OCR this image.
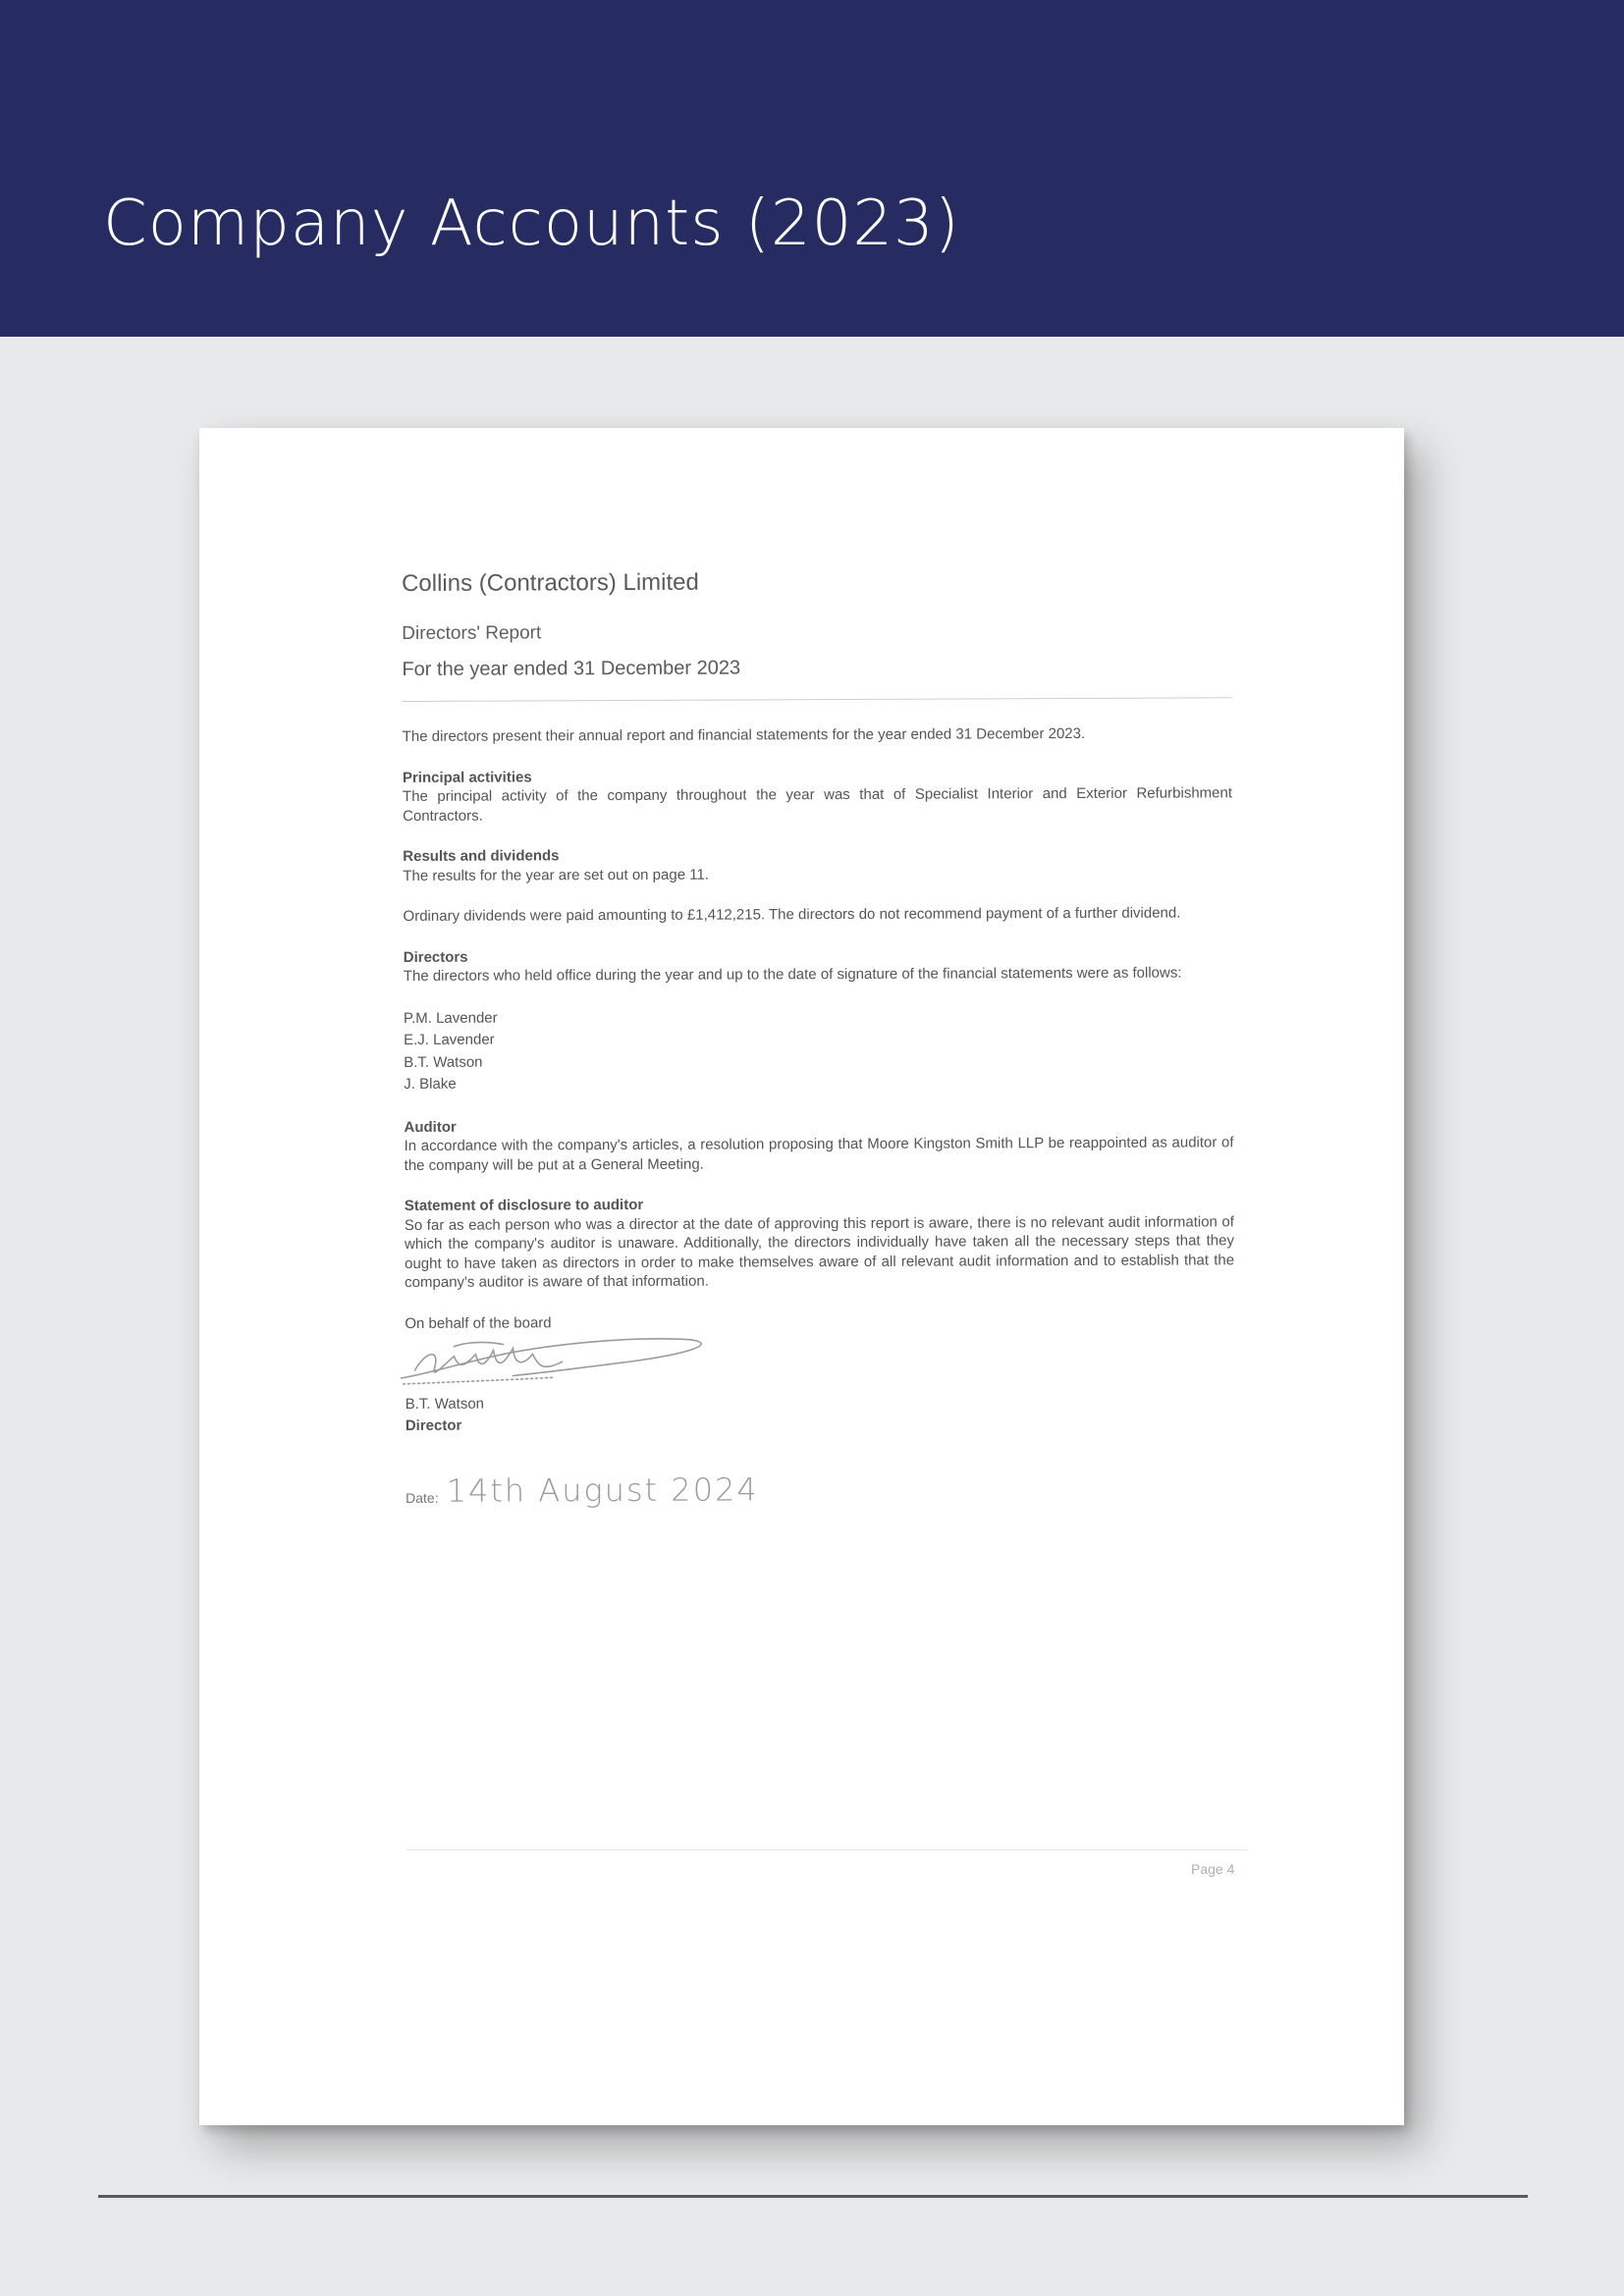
Company Accounts (2023)
Collins (Contractors) Limited
Directors' Report
For the year ended 31 December 2023

The directors present their annual report and financial statements for the year ended 31 December 2023.

Principal activities

The principal activity of the company throughout the year was that of Specialist Interior and Exterior Refurbishment Contractors.

Results and dividends

The results for the year are set out on page 11.

Ordinary dividends were paid amounting to £1,412,215. The directors do not recommend payment of a further dividend.

Directors

The directors who held office during the year and up to the date of signature of the financial statements were as follows:

P.M. Lavender

E.J. Lavender

B.T. Watson

J. Blake

Auditor

In accordance with the company's articles, a resolution proposing that Moore Kingston Smith LLP be reappointed as auditor of the company will be put at a General Meeting.

Statement of disclosure to auditor

So far as each person who was a director at the date of approving this report is aware, there is no relevant audit information of which the company's auditor is unaware. Additionally, the directors individually have taken all the necessary steps that they ought to have taken as directors in order to make themselves aware of all relevant audit information and to establish that the company's auditor is aware of that information.

On behalf of the board

B.T. Watson

Director

Date: 14th August 2024
Page 4
